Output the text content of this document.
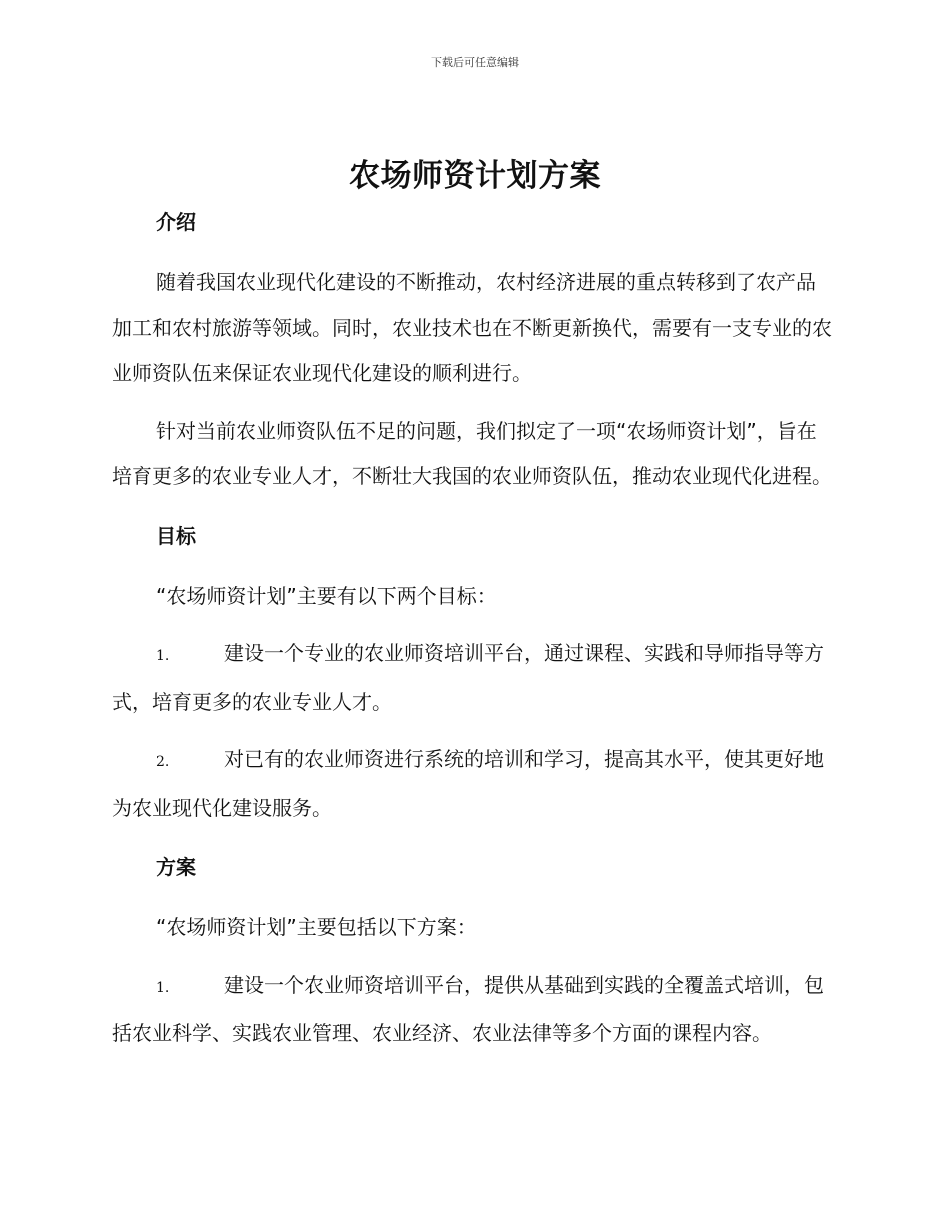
下载后可任意编辑

农场师资计划方案
介绍

随着我国农业现代化建设的不断推动，农村经济进展的重点转移到了农产品加工和农村旅游等领域。同时，农业技术也在不断更新换代，需要有一支专业的农业师资队伍来保证农业现代化建设的顺利进行。

针对当前农业师资队伍不足的问题，我们拟定了一项“农场师资计划”，旨在培育更多的农业专业人才，不断壮大我国的农业师资队伍，推动农业现代化进程。

目标

“农场师资计划”主要有以下两个目标：

1.	建设一个专业的农业师资培训平台，通过课程、实践和导师指导等方式，培育更多的农业专业人才。

2.	对已有的农业师资进行系统的培训和学习，提高其水平，使其更好地为农业现代化建设服务。

方案

“农场师资计划”主要包括以下方案：

1.	建设一个农业师资培训平台，提供从基础到实践的全覆盖式培训，包括农业科学、实践农业管理、农业经济、农业法律等多个方面的课程内容。
